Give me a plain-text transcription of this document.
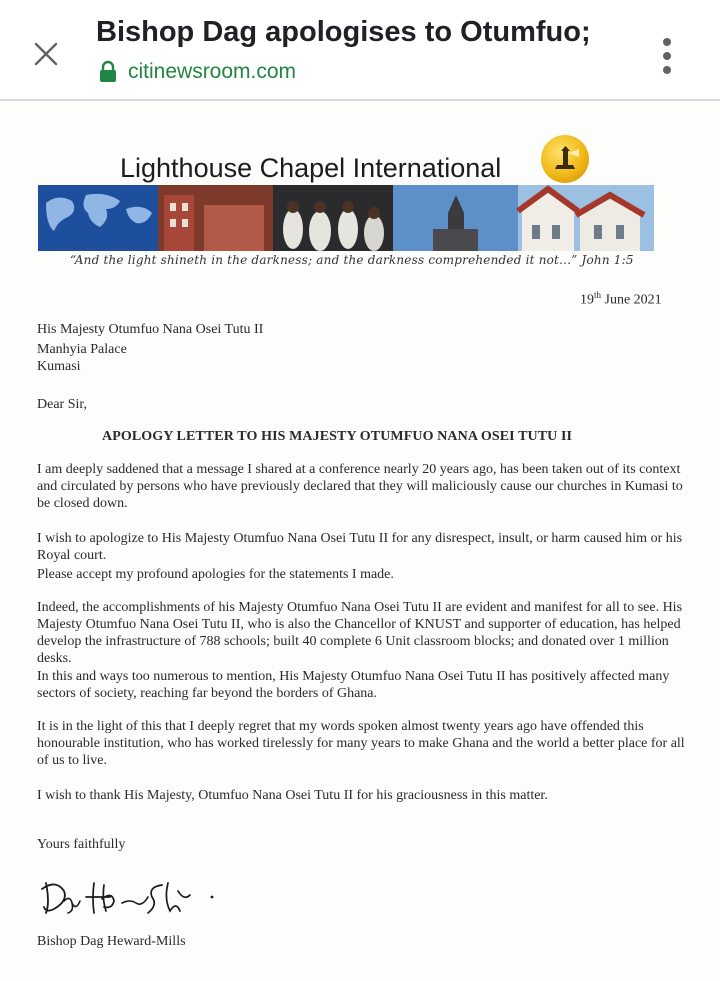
Bishop Dag apologises to Otumfuo;
citinewsroom.com
Lighthouse Chapel International
“And the light shineth in the darkness; and the darkness comprehended it not...” John 1:5
19th June 2021
His Majesty Otumfuo Nana Osei Tutu II
Manhyia Palace
Kumasi
Dear Sir,
APOLOGY LETTER TO HIS MAJESTY OTUMFUO NANA OSEI TUTU II
I am deeply saddened that a message I shared at a conference nearly 20 years ago, has been taken out of its context and circulated by persons who have previously declared that they will maliciously cause our churches in Kumasi to be closed down.
I wish to apologize to His Majesty Otumfuo Nana Osei Tutu II for any disrespect, insult, or harm caused him or his Royal court.
Please accept my profound apologies for the statements I made.
Indeed, the accomplishments of his Majesty Otumfuo Nana Osei Tutu II are evident and manifest for all to see. His Majesty Otumfuo Nana Osei Tutu II, who is also the Chancellor of KNUST and supporter of education, has helped develop the infrastructure of 788 schools; built 40 complete 6 Unit classroom blocks; and donated over 1 million desks.
In this and ways too numerous to mention, His Majesty Otumfuo Nana Osei Tutu II has positively affected many sectors of society, reaching far beyond the borders of Ghana.
It is in the light of this that I deeply regret that my words spoken almost twenty years ago have offended this honourable institution, who has worked tirelessly for many years to make Ghana and the world a better place for all of us to live.
I wish to thank His Majesty, Otumfuo Nana Osei Tutu II for his graciousness in this matter.
Yours faithfully
Bishop Dag Heward-Mills
